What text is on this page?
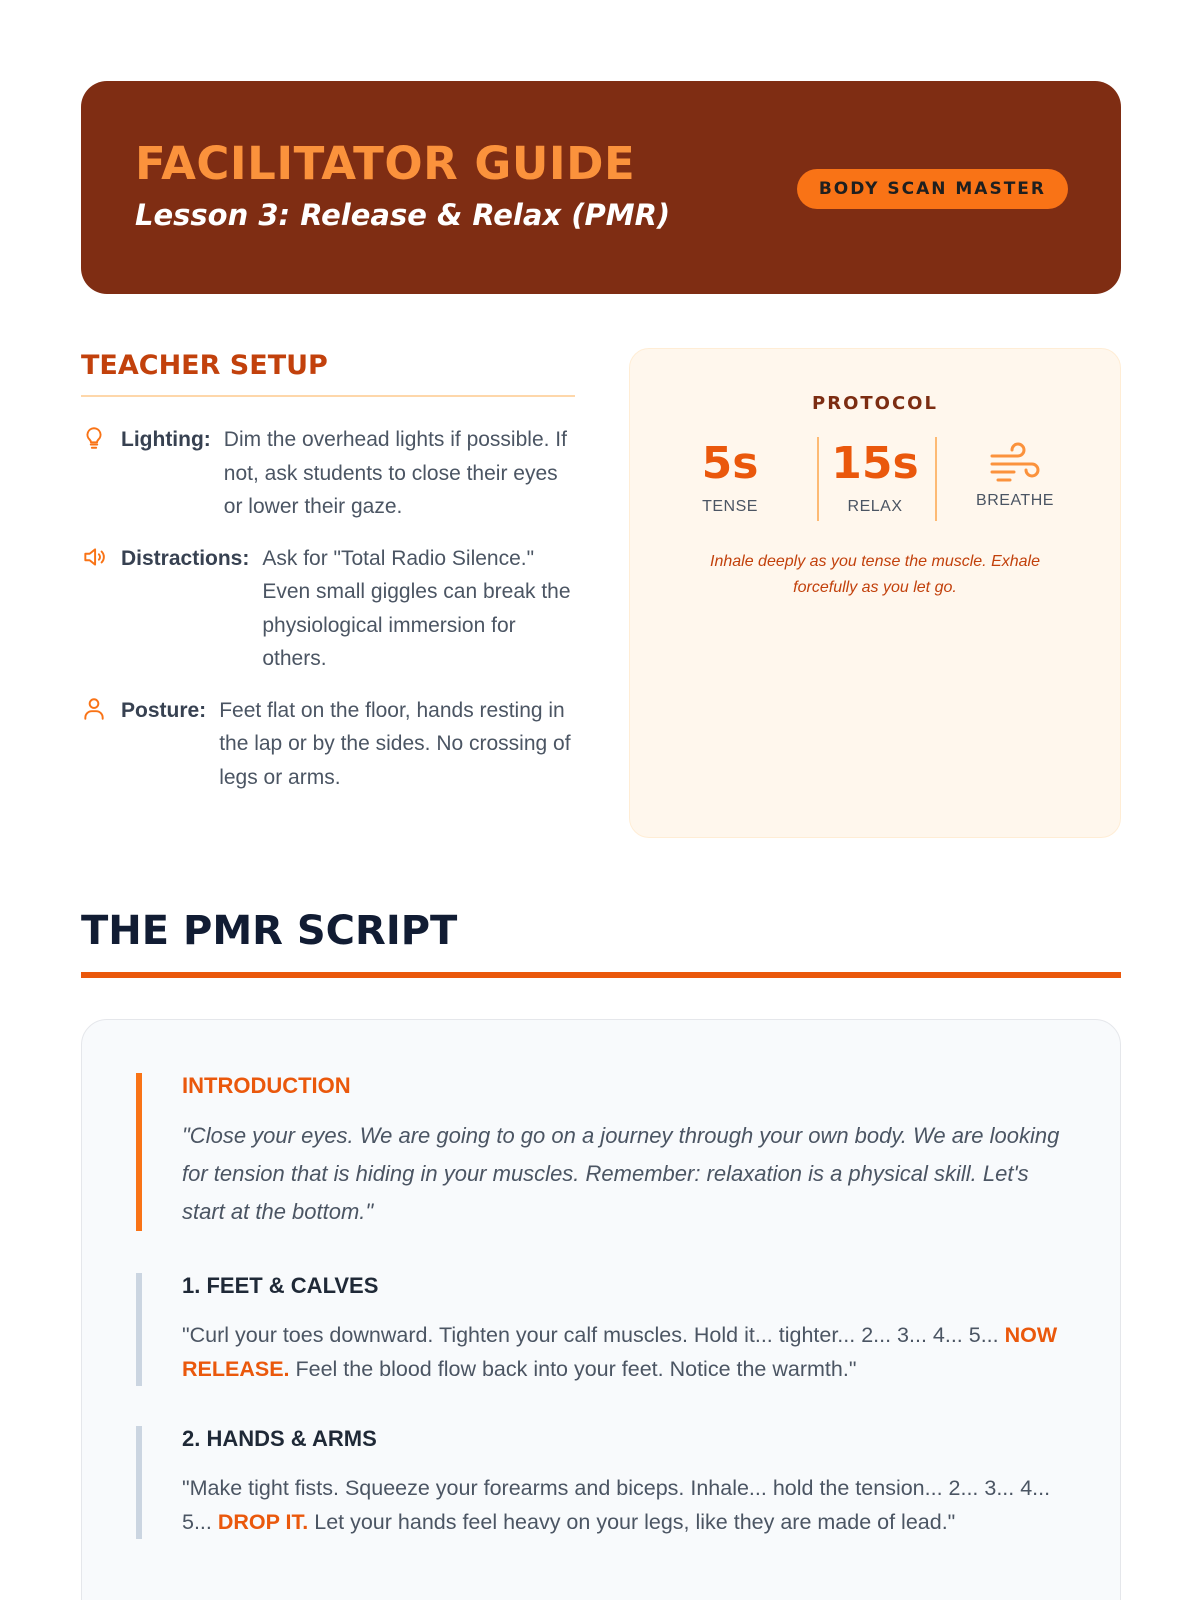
FACILITATOR GUIDE
Lesson 3: Release & Relax (PMR)
BODY SCAN MASTER
TEACHER SETUP
Lighting: Dim the overhead lights if possible. If not, ask students to close their eyes or lower their gaze.
Distractions: Ask for "Total Radio Silence." Even small giggles can break the physiological immersion for others.
Posture: Feet flat on the floor, hands resting in the lap or by the sides. No crossing of legs or arms.
PROTOCOL
5s
TENSE
15s
RELAX	BREATHE
Inhale deeply as you tense the muscle. Exhale forcefully as you let go.
THE PMR SCRIPT
INTRODUCTION
"Close your eyes. We are going to go on a journey through your own body. We are looking for tension that is hiding in your muscles. Remember: relaxation is a physical skill. Let's start at the bottom."
1. FEET & CALVES
"Curl your toes downward. Tighten your calf muscles. Hold it... tighter... 2... 3... 4... 5... NOW RELEASE. Feel the blood flow back into your feet. Notice the warmth."
2. HANDS & ARMS
"Make tight fists. Squeeze your forearms and biceps. Inhale... hold the tension... 2... 3... 4... 5... DROP IT. Let your hands feel heavy on your legs, like they are made of lead."
